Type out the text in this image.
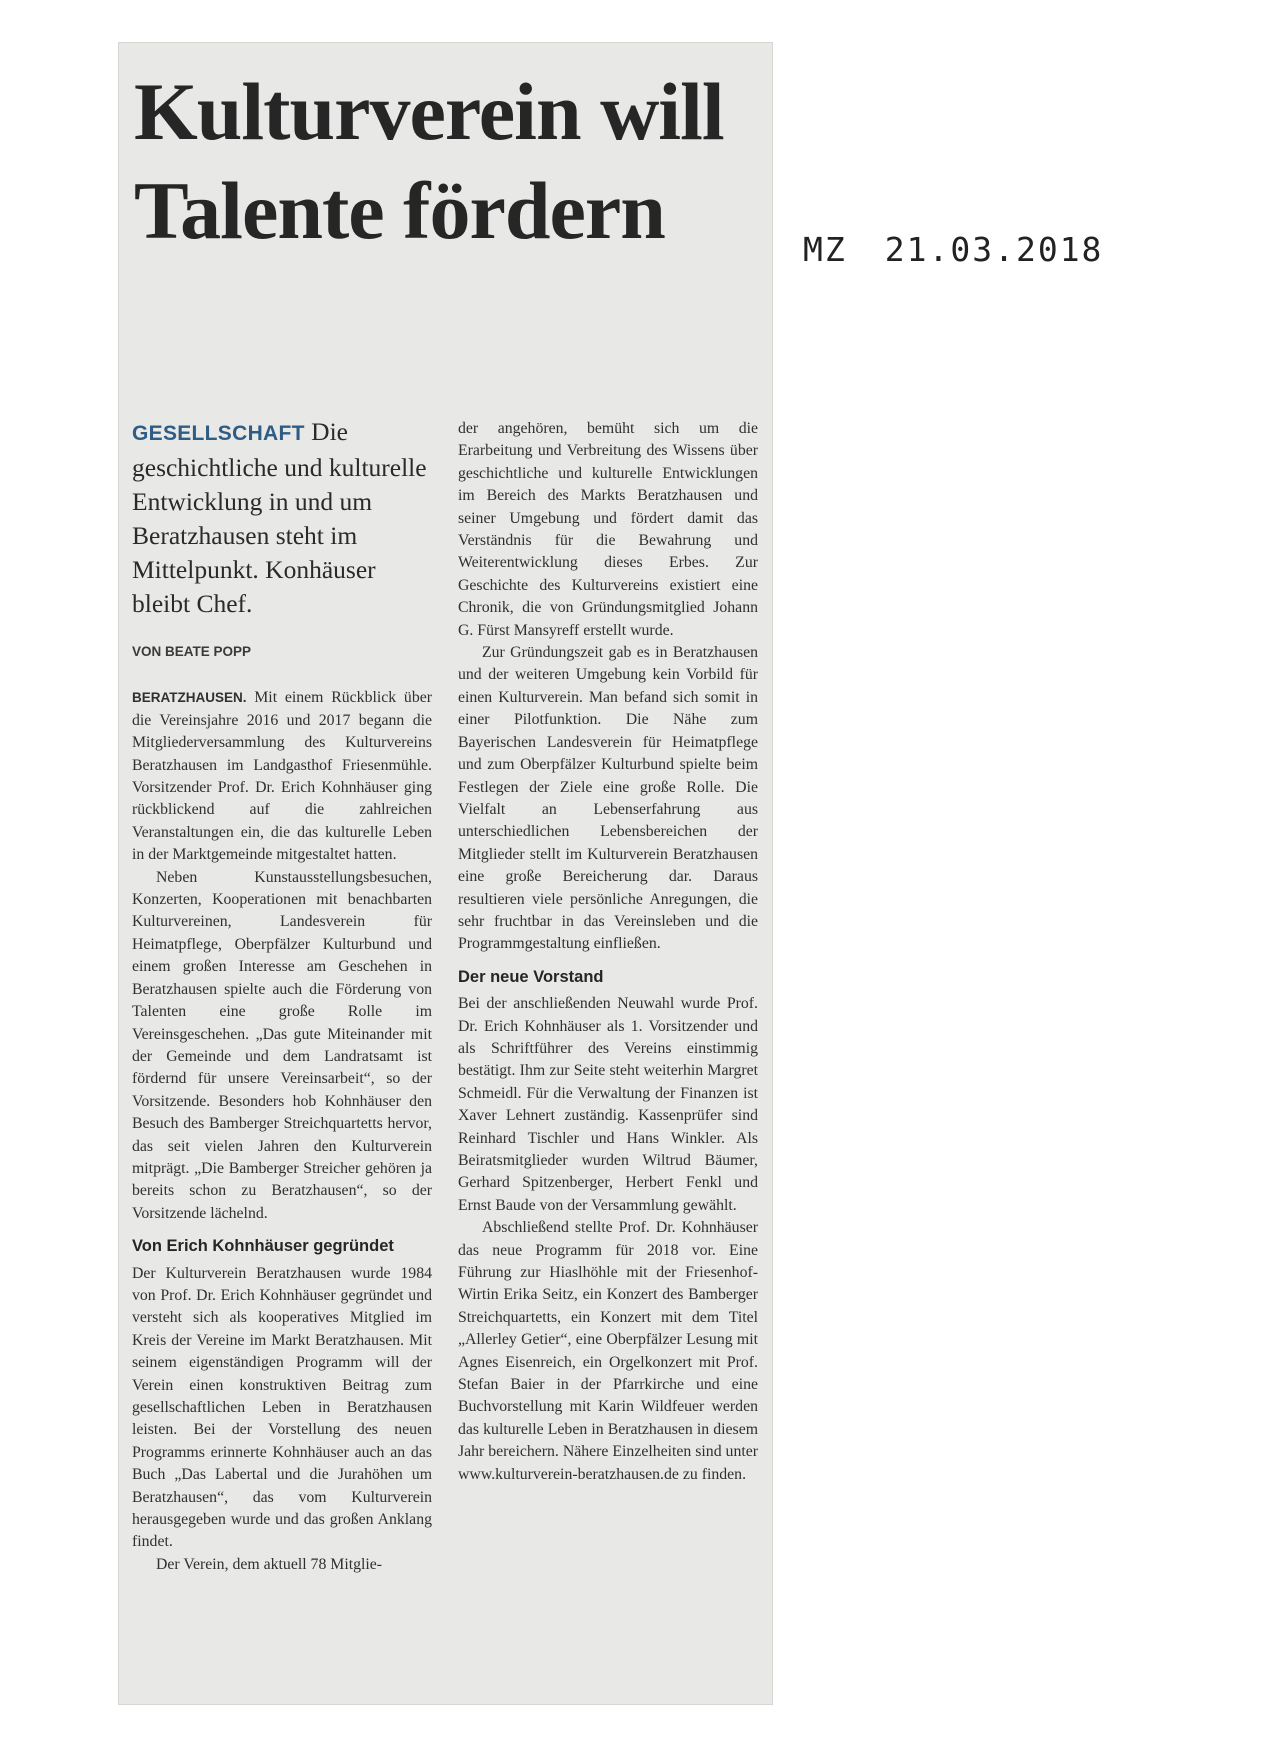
Kulturverein will Talente fördern

GESELLSCHAFT Die geschichtliche und kulturelle Entwicklung in und um Beratzhausen steht im Mittelpunkt. Konhäuser bleibt Chef.

VON BEATE POPP

BERATZHAUSEN. Mit einem Rückblick über die Vereinsjahre 2016 und 2017 begann die Mitgliederversammlung des Kulturvereins Beratzhausen im Landgasthof Friesenmühle. Vorsitzender Prof. Dr. Erich Kohnhäuser ging rückblickend auf die zahlreichen Veranstaltungen ein, die das kulturelle Leben in der Marktgemeinde mitgestaltet hatten.

Neben Kunstausstellungsbesuchen, Konzerten, Kooperationen mit benachbarten Kulturvereinen, Landesverein für Heimatpflege, Oberpfälzer Kulturbund und einem großen Interesse am Geschehen in Beratzhausen spielte auch die Förderung von Talenten eine große Rolle im Vereinsgeschehen. „Das gute Miteinander mit der Gemeinde und dem Landratsamt ist fördernd für unsere Vereinsarbeit“, so der Vorsitzende. Besonders hob Kohnhäuser den Besuch des Bamberger Streichquartetts hervor, das seit vielen Jahren den Kulturverein mitprägt. „Die Bamberger Streicher gehören ja bereits schon zu Beratzhausen“, so der Vorsitzende lächelnd.

Von Erich Kohnhäuser gegründet

Der Kulturverein Beratzhausen wurde 1984 von Prof. Dr. Erich Kohnhäuser gegründet und versteht sich als kooperatives Mitglied im Kreis der Vereine im Markt Beratzhausen. Mit seinem eigenständigen Programm will der Verein einen konstruktiven Beitrag zum gesellschaftlichen Leben in Beratzhausen leisten. Bei der Vorstellung des neuen Programms erinnerte Kohnhäuser auch an das Buch „Das Labertal und die Jurahöhen um Beratzhausen“, das vom Kulturverein herausgegeben wurde und das großen Anklang findet.

Der Verein, dem aktuell 78 Mitglie-

der angehören, bemüht sich um die Erarbeitung und Verbreitung des Wissens über geschichtliche und kulturelle Entwicklungen im Bereich des Markts Beratzhausen und seiner Umgebung und fördert damit das Verständnis für die Bewahrung und Weiterentwicklung dieses Erbes. Zur Geschichte des Kulturvereins existiert eine Chronik, die von Gründungsmitglied Johann G. Fürst Mansyreff erstellt wurde.

Zur Gründungszeit gab es in Beratzhausen und der weiteren Umgebung kein Vorbild für einen Kulturverein. Man befand sich somit in einer Pilotfunktion. Die Nähe zum Bayerischen Landesverein für Heimatpflege und zum Oberpfälzer Kulturbund spielte beim Festlegen der Ziele eine große Rolle. Die Vielfalt an Lebenserfahrung aus unterschiedlichen Lebensbereichen der Mitglieder stellt im Kulturverein Beratzhausen eine große Bereicherung dar. Daraus resultieren viele persönliche Anregungen, die sehr fruchtbar in das Vereinsleben und die Programmgestaltung einfließen.

Der neue Vorstand

Bei der anschließenden Neuwahl wurde Prof. Dr. Erich Kohnhäuser als 1. Vorsitzender und als Schriftführer des Vereins einstimmig bestätigt. Ihm zur Seite steht weiterhin Margret Schmeidl. Für die Verwaltung der Finanzen ist Xaver Lehnert zuständig. Kassenprüfer sind Reinhard Tischler und Hans Winkler. Als Beiratsmitglieder wurden Wiltrud Bäumer, Gerhard Spitzenberger, Herbert Fenkl und Ernst Baude von der Versammlung gewählt.

Abschließend stellte Prof. Dr. Kohnhäuser das neue Programm für 2018 vor. Eine Führung zur Hiaslhöhle mit der Friesenhof-Wirtin Erika Seitz, ein Konzert des Bamberger Streichquartetts, ein Konzert mit dem Titel „Allerley Getier“, eine Oberpfälzer Lesung mit Agnes Eisenreich, ein Orgelkonzert mit Prof. Stefan Baier in der Pfarrkirche und eine Buchvorstellung mit Karin Wildfeuer werden das kulturelle Leben in Beratzhausen in diesem Jahr bereichern. Nähere Einzelheiten sind unter www.kulturverein-beratzhausen.de zu finden.

MZ 21.03.2018
